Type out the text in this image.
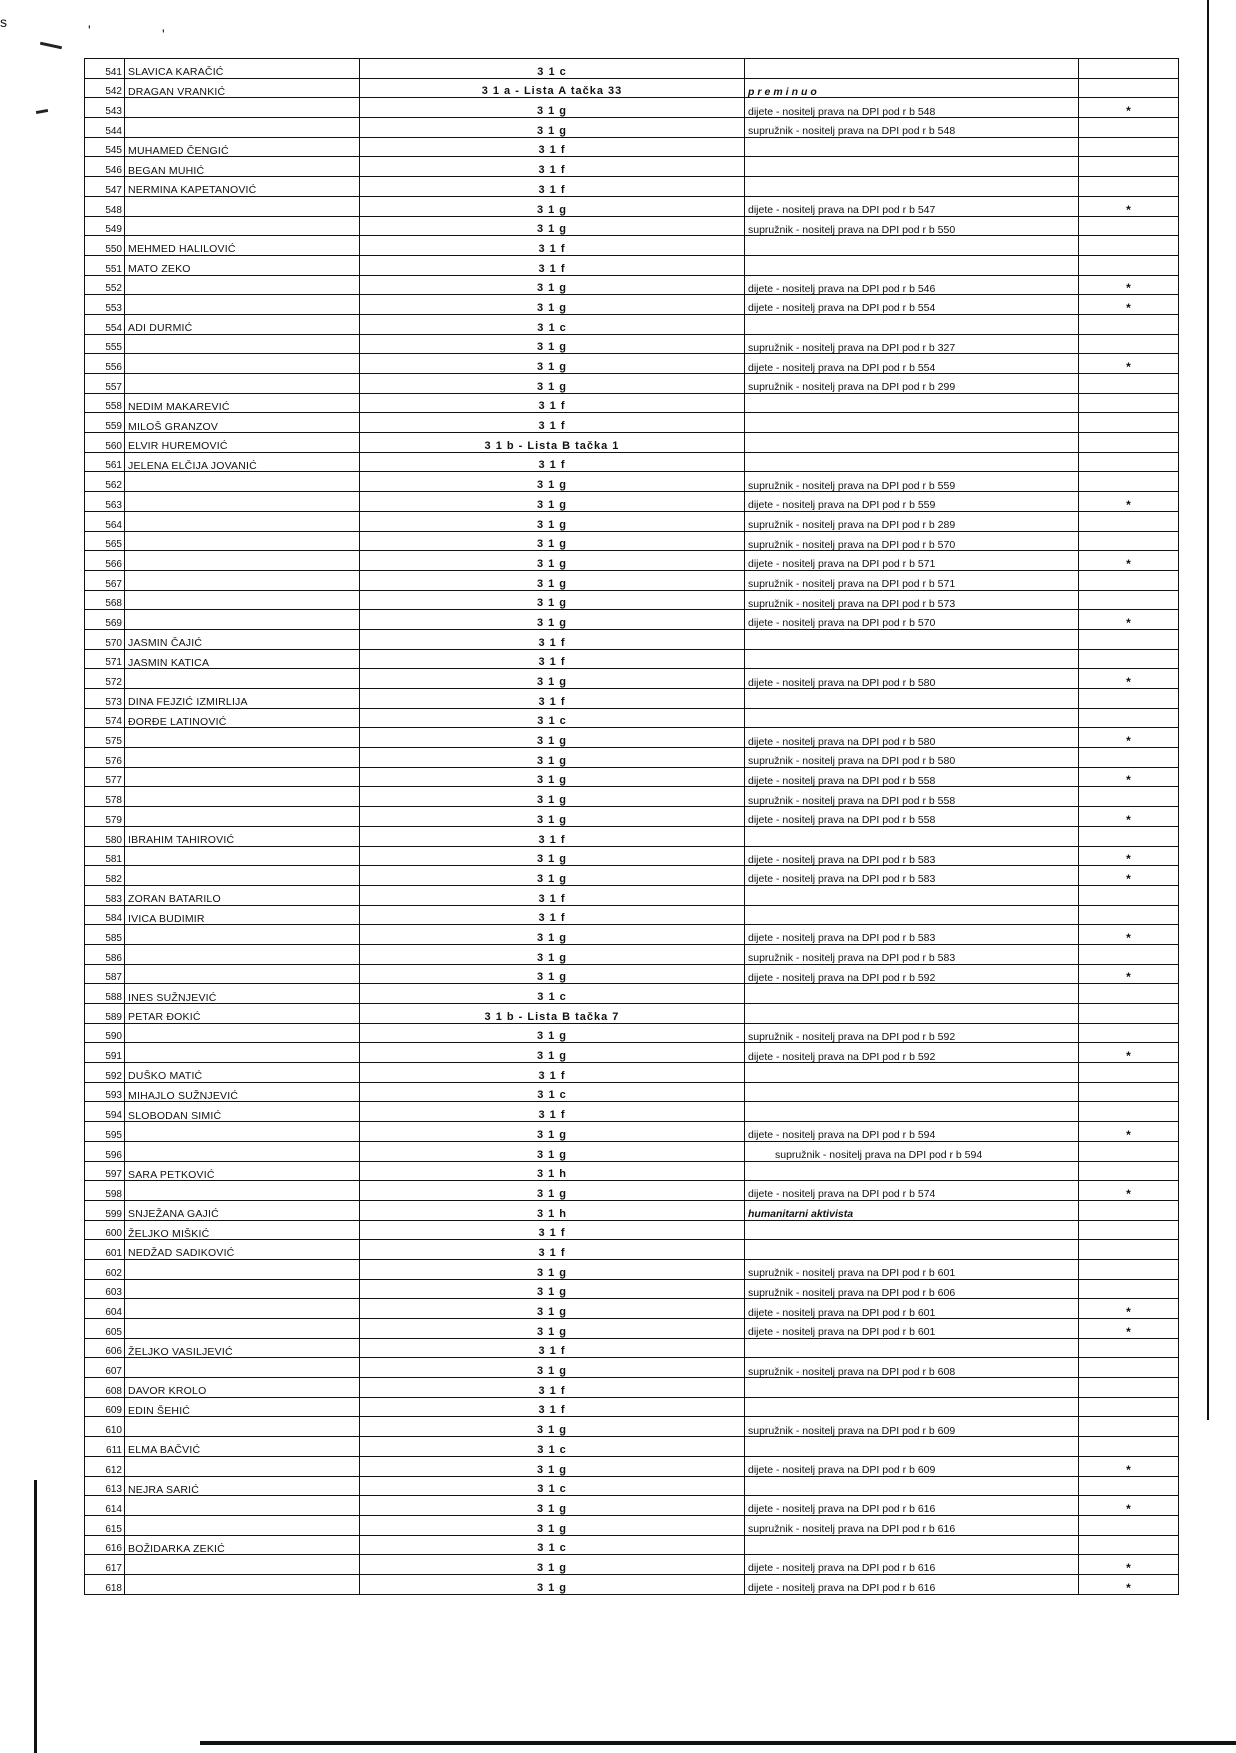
s	'	'
541	SLAVICA KARAČIĆ	3 1 c		
542	DRAGAN VRANKIĆ	3 1 a - Lista A tačka 33	preminuo	
543		3 1 g	dijete - nositelj prava na DPI pod r b 548	*
544		3 1 g	supružnik - nositelj prava na DPI pod r b 548	
545	MUHAMED ČENGIĆ	3 1 f		
546	BEGAN MUHIĆ	3 1 f		
547	NERMINA KAPETANOVIĆ	3 1 f		
548		3 1 g	dijete - nositelj prava na DPI pod r b 547	*
549		3 1 g	supružnik - nositelj prava na DPI pod r b 550	
550	MEHMED HALILOVIĆ	3 1 f		
551	MATO ZEKO	3 1 f		
552		3 1 g	dijete - nositelj prava na DPI pod r b 546	*
553		3 1 g	dijete - nositelj prava na DPI pod r b 554	*
554	ADI DURMIĆ	3 1 c		
555		3 1 g	supružnik - nositelj prava na DPI pod r b 327	
556		3 1 g	dijete - nositelj prava na DPI pod r b 554	*
557		3 1 g	supružnik - nositelj prava na DPI pod r b 299	
558	NEDIM MAKAREVIĆ	3 1 f		
559	MILOŠ GRANZOV	3 1 f		
560	ELVIR HUREMOVIĆ	3 1 b - Lista B tačka 1		
561	JELENA ELČIJA JOVANIĆ	3 1 f		
562		3 1 g	supružnik - nositelj prava na DPI pod r b 559	
563		3 1 g	dijete - nositelj prava na DPI pod r b 559	*
564		3 1 g	supružnik - nositelj prava na DPI pod r b 289	
565		3 1 g	supružnik - nositelj prava na DPI pod r b 570	
566		3 1 g	dijete - nositelj prava na DPI pod r b 571	*
567		3 1 g	supružnik - nositelj prava na DPI pod r b 571	
568		3 1 g	supružnik - nositelj prava na DPI pod r b 573	
569		3 1 g	dijete - nositelj prava na DPI pod r b 570	*
570	JASMIN ČAJIĆ	3 1 f		
571	JASMIN KATICA	3 1 f		
572		3 1 g	dijete - nositelj prava na DPI pod r b 580	*
573	DINA FEJZIĆ IZMIRLIJA	3 1 f		
574	ĐORĐE LATINOVIĆ	3 1 c		
575		3 1 g	dijete - nositelj prava na DPI pod r b 580	*
576		3 1 g	supružnik - nositelj prava na DPI pod r b 580	
577		3 1 g	dijete - nositelj prava na DPI pod r b 558	*
578		3 1 g	supružnik - nositelj prava na DPI pod r b 558	
579		3 1 g	dijete - nositelj prava na DPI pod r b 558	*
580	IBRAHIM TAHIROVIĆ	3 1 f		
581		3 1 g	dijete - nositelj prava na DPI pod r b 583	*
582		3 1 g	dijete - nositelj prava na DPI pod r b 583	*
583	ZORAN BATARILO	3 1 f		
584	IVICA BUDIMIR	3 1 f		
585		3 1 g	dijete - nositelj prava na DPI pod r b 583	*
586		3 1 g	supružnik - nositelj prava na DPI pod r b 583	
587		3 1 g	dijete - nositelj prava na DPI pod r b 592	*
588	INES SUŽNJEVIĆ	3 1 c		
589	PETAR ĐOKIĆ	3 1 b - Lista B tačka 7		
590		3 1 g	supružnik - nositelj prava na DPI pod r b 592	
591		3 1 g	dijete - nositelj prava na DPI pod r b 592	*
592	DUŠKO MATIĆ	3 1 f		
593	MIHAJLO SUŽNJEVIĆ	3 1 c		
594	SLOBODAN SIMIĆ	3 1 f		
595		3 1 g	dijete - nositelj prava na DPI pod r b 594	*
596		3 1 g	supružnik - nositelj prava na DPI pod r b 594	
597	SARA PETKOVIĆ	3 1 h		
598		3 1 g	dijete - nositelj prava na DPI pod r b 574	*
599	SNJEŽANA GAJIĆ	3 1 h	humanitarni aktivista	
600	ŽELJKO MIŠKIĆ	3 1 f		
601	NEDŽAD SADIKOVIĆ	3 1 f		
602		3 1 g	supružnik - nositelj prava na DPI pod r b 601	
603		3 1 g	supružnik - nositelj prava na DPI pod r b 606	
604		3 1 g	dijete - nositelj prava na DPI pod r b 601	*
605		3 1 g	dijete - nositelj prava na DPI pod r b 601	*
606	ŽELJKO VASILJEVIĆ	3 1 f		
607		3 1 g	supružnik - nositelj prava na DPI pod r b 608	
608	DAVOR KROLO	3 1 f		
609	EDIN ŠEHIĆ	3 1 f		
610		3 1 g	supružnik - nositelj prava na DPI pod r b 609	
611	ELMA BAČVIĆ	3 1 c		
612		3 1 g	dijete - nositelj prava na DPI pod r b 609	*
613	NEJRA SARIĆ	3 1 c		
614		3 1 g	dijete - nositelj prava na DPI pod r b 616	*
615		3 1 g	supružnik - nositelj prava na DPI pod r b 616	
616	BOŽIDARKA ZEKIĆ	3 1 c		
617		3 1 g	dijete - nositelj prava na DPI pod r b 616	*
618		3 1 g	dijete - nositelj prava na DPI pod r b 616	*
